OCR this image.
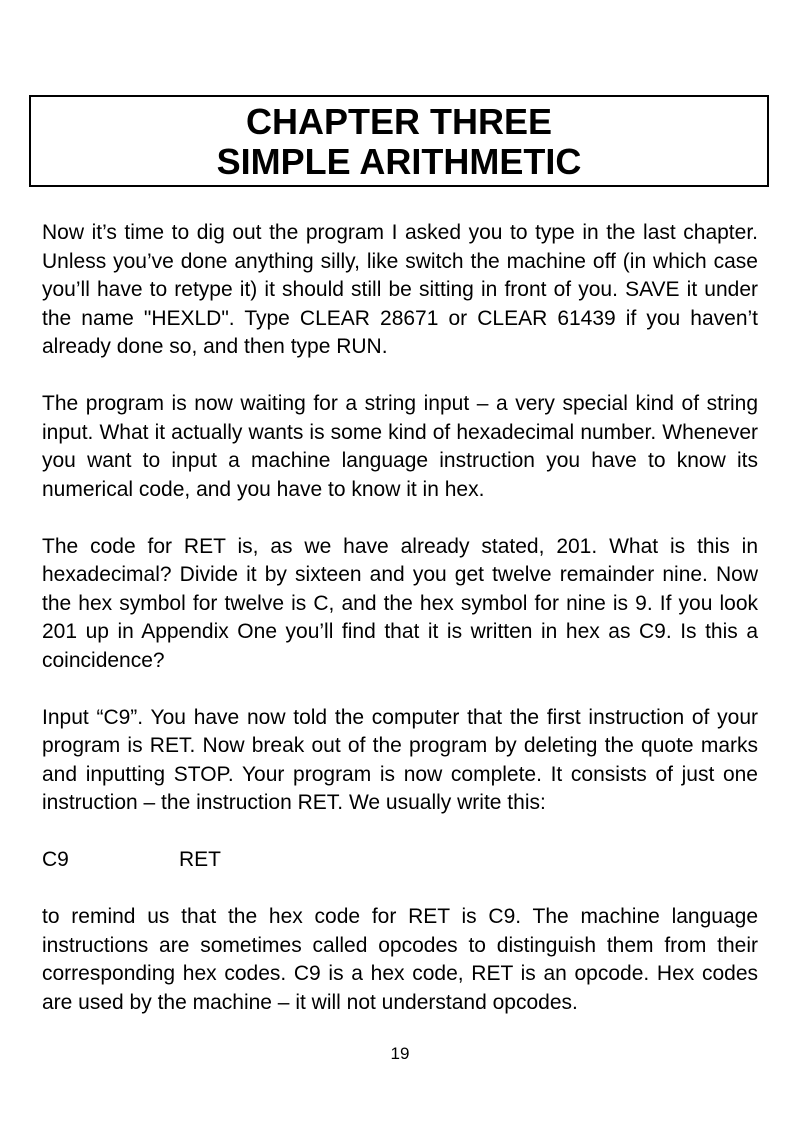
CHAPTER THREE
SIMPLE ARITHMETIC

Now it’s time to dig out the program I asked you to type in the last chapter. Unless you’ve done anything silly, like switch the machine off (in which case you’ll have to retype it) it should still be sitting in front of you. SAVE it under the name "HEXLD". Type CLEAR 28671 or CLEAR 61439 if you haven’t already done so, and then type RUN.

The program is now waiting for a string input – a very special kind of string input. What it actually wants is some kind of hexadecimal number. Whenever you want to input a machine language instruction you have to know its numerical code, and you have to know it in hex.

The code for RET is, as we have already stated, 201. What is this in hexadecimal? Divide it by sixteen and you get twelve remainder nine. Now the hex symbol for twelve is C, and the hex symbol for nine is 9. If you look 201 up in Appendix One you’ll find that it is written in hex as C9. Is this a coincidence?

Input “C9”. You have now told the computer that the first instruction of your program is RET. Now break out of the program by deleting the quote marks and inputting STOP. Your program is now complete. It consists of just one instruction – the instruction RET. We usually write this:

C9	RET

to remind us that the hex code for RET is C9. The machine language instructions are sometimes called opcodes to distinguish them from their corresponding hex codes. C9 is a hex code, RET is an opcode. Hex codes are used by the machine – it will not understand opcodes.

19
